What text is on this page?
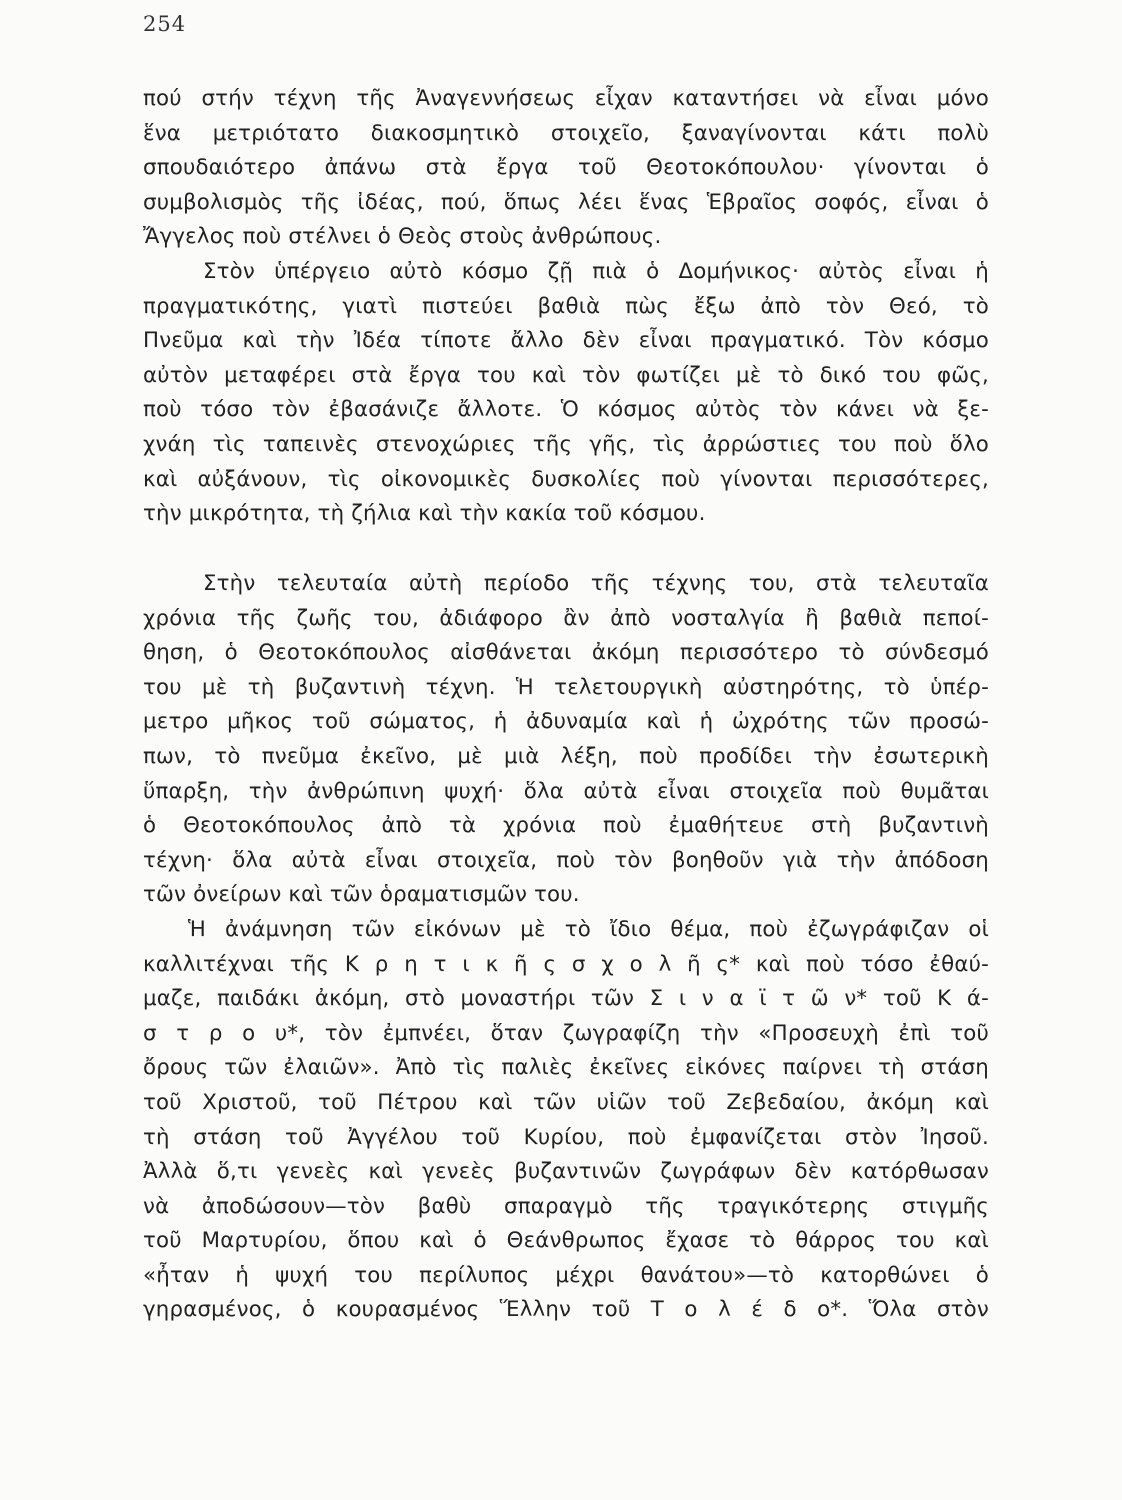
254
πού στήν τέχνη τῆς Ἀναγεννήσεως εἶχαν καταντήσει νὰ εἶναι μόνο
ἕνα μετριότατο διακοσμητικὸ στοιχεῖο, ξαναγίνονται κάτι πολὺ
σπουδαιότερο ἀπάνω στὰ ἔργα τοῦ Θεοτοκόπουλου· γίνονται ὁ
συμβολισμὸς τῆς ἰδέας, πού, ὅπως λέει ἕνας Ἑβραῖος σοφός, εἶναι ὁ
Ἄγγελος ποὺ στέλνει ὁ Θεὸς στοὺς ἀνθρώπους.
Στὸν ὑπέργειο αὐτὸ κόσμο ζῇ πιὰ ὁ Δομήνικος· αὐτὸς εἶναι ἡ
πραγματικότης, γιατὶ πιστεύει βαθιὰ πὼς ἔξω ἀπὸ τὸν Θεό, τὸ
Πνεῦμα καὶ τὴν Ἰδέα τίποτε ἄλλο δὲν εἶναι πραγματικό. Τὸν κόσμο
αὐτὸν μεταφέρει στὰ ἔργα του καὶ τὸν φωτίζει μὲ τὸ δικό του φῶς,
ποὺ τόσο τὸν ἐβασάνιζε ἄλλοτε. Ὁ κόσμος αὐτὸς τὸν κάνει νὰ ξε-
χνάη τὶς ταπεινὲς στενοχώριες τῆς γῆς, τὶς ἀρρώστιες του ποὺ ὅλο
καὶ αὐξάνουν, τὶς οἰκονομικὲς δυσκολίες ποὺ γίνονται περισσότερες,
τὴν μικρότητα, τὴ ζήλια καὶ τὴν κακία τοῦ κόσμου.
Στὴν τελευταία αὐτὴ περίοδο τῆς τέχνης του, στὰ τελευταῖα
χρόνια τῆς ζωῆς του, ἀδιάφορο ἂν ἀπὸ νοσταλγία ἢ βαθιὰ πεποί-
θηση, ὁ Θεοτοκόπουλος αἰσθάνεται ἀκόμη περισσότερο τὸ σύνδεσμό
του μὲ τὴ βυζαντινὴ τέχνη. Ἡ τελετουργικὴ αὐστηρότης, τὸ ὑπέρ-
μετρο μῆκος τοῦ σώματος, ἡ ἀδυναμία καὶ ἡ ὠχρότης τῶν προσώ-
πων, τὸ πνεῦμα ἐκεῖνο, μὲ μιὰ λέξη, ποὺ προδίδει τὴν ἐσωτερικὴ
ὕπαρξη, τὴν ἀνθρώπινη ψυχή· ὅλα αὐτὰ εἶναι στοιχεῖα ποὺ θυμᾶται
ὁ Θεοτοκόπουλος ἀπὸ τὰ χρόνια ποὺ ἐμαθήτευε στὴ βυζαντινὴ
τέχνη· ὅλα αὐτὰ εἶναι στοιχεῖα, ποὺ τὸν βοηθοῦν γιὰ τὴν ἀπόδοση
τῶν ὀνείρων καὶ τῶν ὁραματισμῶν του.
Ἡ ἀνάμνηση τῶν εἰκόνων μὲ τὸ ἴδιο θέμα, ποὺ ἐζωγράφιζαν οἱ
καλλιτέχναι τῆς Κ ρ η τ ι κ ῆ ς σ χ ο λ ῆ ς* καὶ ποὺ τόσο ἐθαύ-
μαζε, παιδάκι ἀκόμη, στὸ μοναστήρι τῶν Σ ι ν α ϊ τ ῶ ν* τοῦ Κ ά-
σ τ ρ ο υ*, τὸν ἐμπνέει, ὅταν ζωγραφίζη τὴν «Προσευχὴ ἐπὶ τοῦ
ὄρους τῶν ἐλαιῶν». Ἀπὸ τὶς παλιὲς ἐκεῖνες εἰκόνες παίρνει τὴ στάση
τοῦ Χριστοῦ, τοῦ Πέτρου καὶ τῶν υἱῶν τοῦ Ζεβεδαίου, ἀκόμη καὶ
τὴ στάση τοῦ Ἀγγέλου τοῦ Κυρίου, ποὺ ἐμφανίζεται στὸν Ἰησοῦ.
Ἀλλὰ ὅ,τι γενεὲς καὶ γενεὲς βυζαντινῶν ζωγράφων δὲν κατόρθωσαν
νὰ ἀποδώσουν—τὸν βαθὺ σπαραγμὸ τῆς τραγικότερης στιγμῆς
τοῦ Μαρτυρίου, ὅπου καὶ ὁ Θεάνθρωπος ἔχασε τὸ θάρρος του καὶ
«ἦταν ἡ ψυχή του περίλυπος μέχρι θανάτου»—τὸ κατορθώνει ὁ
γηρασμένος, ὁ κουρασμένος Ἕλλην τοῦ Τ ο λ έ δ ο*. Ὅλα στὸν
